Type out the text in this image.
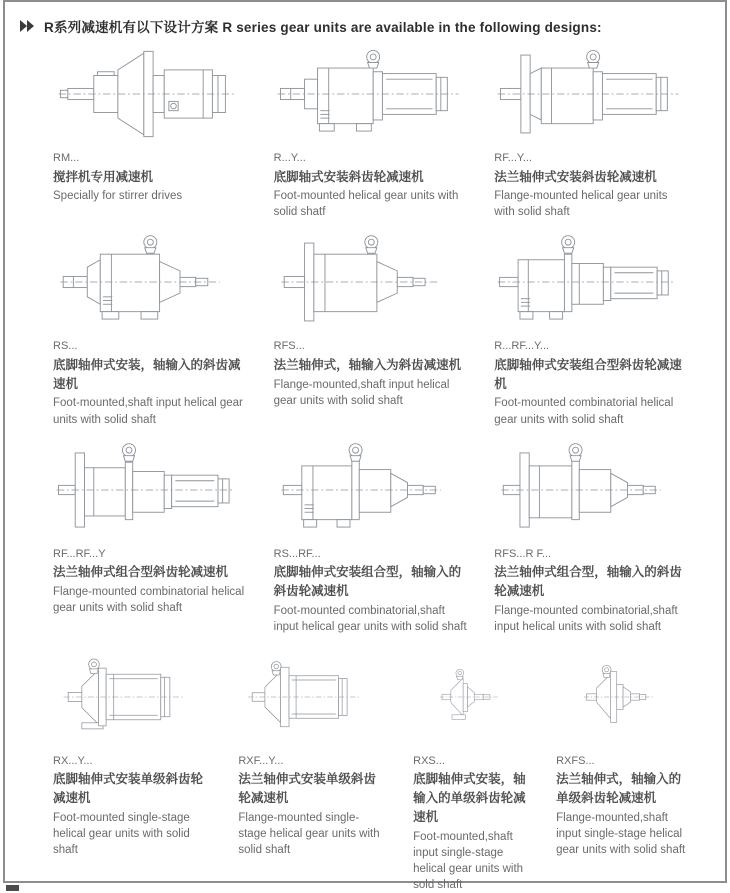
R系列减速机有以下设计方案 R series gear units are available in the following designs:
RM...
搅拌机专用减速机
Specially for stirrer drives
R...Y...
底脚轴式安装斜齿轮减速机
Foot-mounted helical gear units with solid shatf
RF...Y...
法兰轴伸式安装斜齿轮减速机
Flange-mounted helical gear units with solid shaft
RS...
底脚轴伸式安装，轴输入的斜齿减速机
Foot-mounted,shaft input helical gear units with solid shaft
RFS...
法兰轴伸式，轴输入为斜齿减速机
Flange-mounted,shaft input helical gear units with solid shaft
R...RF...Y...
底脚轴伸式安装组合型斜齿轮减速机
Foot-mounted combinatorial helical gear units with solid shaft
RF...RF...Y
法兰轴伸式组合型斜齿轮减速机
Flange-mounted combinatorial helical gear units with solid shaft
RS...RF...
底脚轴伸式安装组合型，轴输入的斜齿轮减速机
Foot-mounted combinatorial,shaft input helical gear units with solid shaft
RFS...R F...
法兰轴伸式组合型，轴输入的斜齿轮减速机
Flange-mounted combinatorial,shaft input helical units with solid shaft
RX...Y...
底脚轴伸式安装单级斜齿轮减速机
Foot-mounted single-stage helical gear units with solid shaft
RXF...Y...
法兰轴伸式安装单级斜齿轮减速机
Flange-mounted single-stage helical gear units with solid shaft
RXS...
底脚轴伸式安装，轴输入的单级斜齿轮减速机
Foot-mounted,shaft input single-stage helical gear units with sold shaft
RXFS...
法兰轴伸式，轴输入的单级斜齿轮减速机
Flange-mounted,shaft input single-stage helical gear units with solid shaft
